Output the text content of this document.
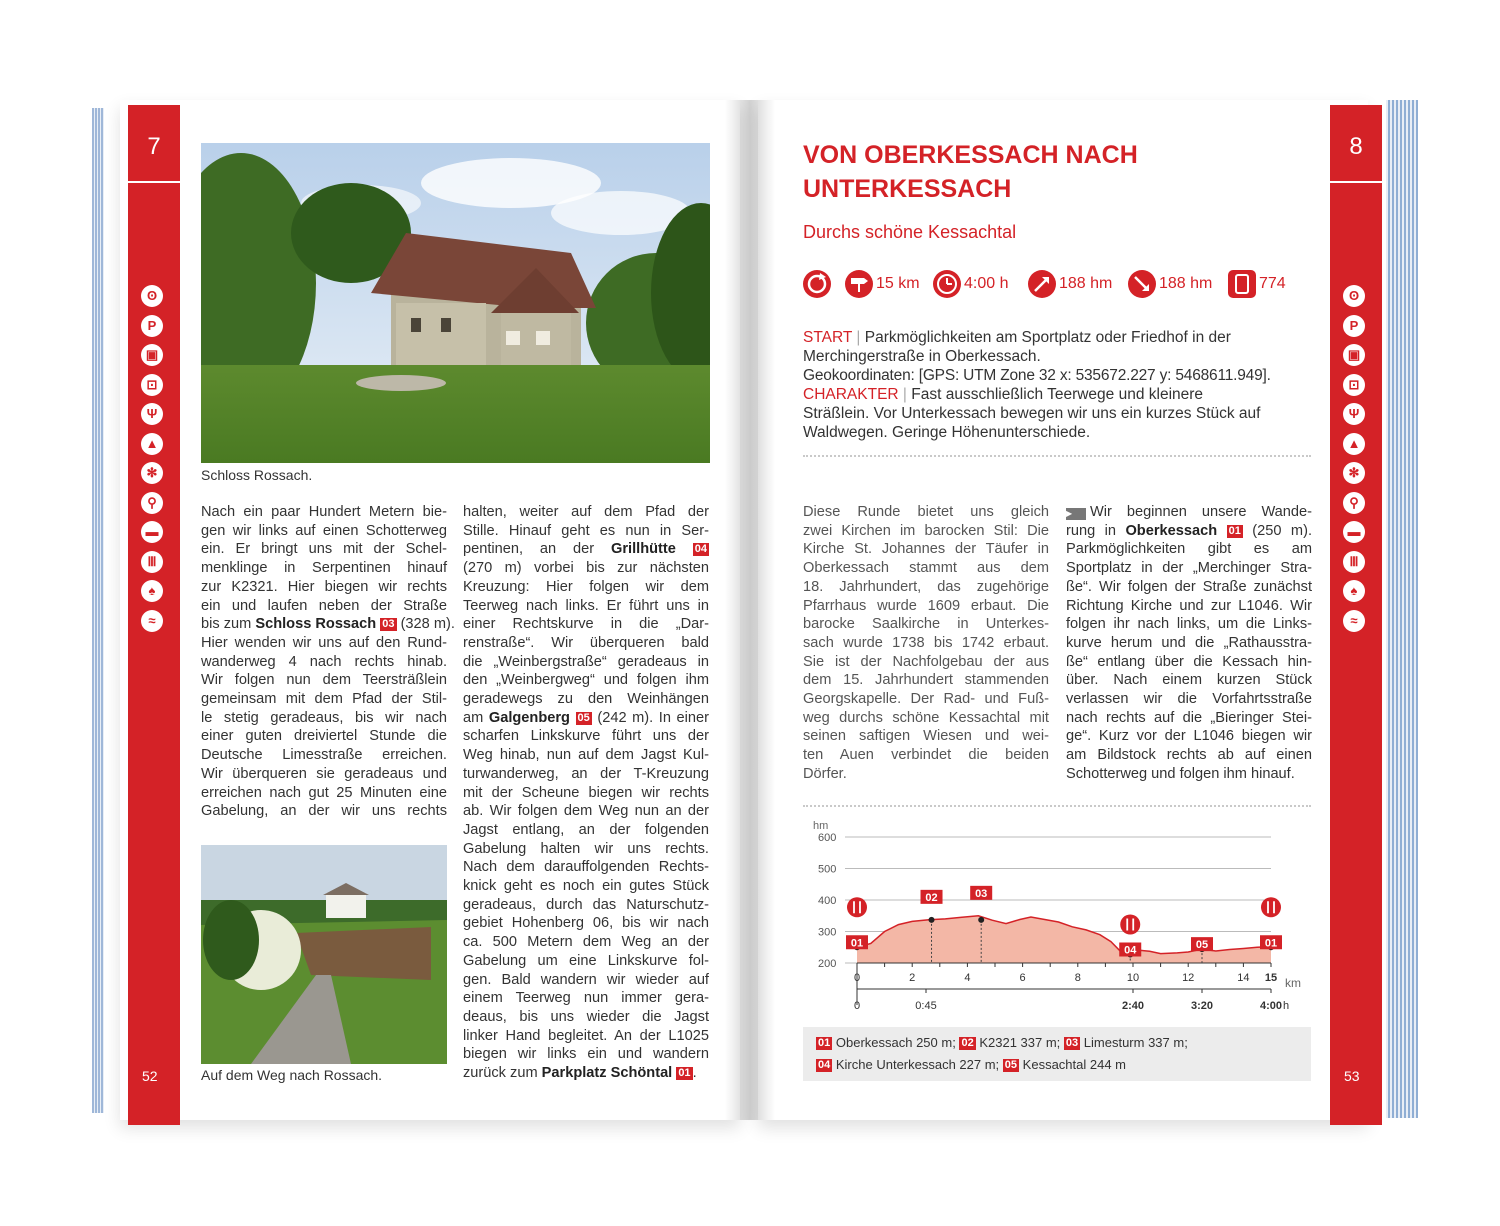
7
ʘ
P
▣
⊡
Ψ
▲
✻
⚲
▬
Ⅲ
♠
≈
52
8
ʘ
P
▣
⊡
Ψ
▲
✻
⚲
▬
Ⅲ
♠
≈
53
Schloss Rossach.
Auf dem Weg nach Rossach.
Nach ein paar Hundert Metern bie-
gen wir links auf einen Schotterweg
ein. Er bringt uns mit der Schel-
menklinge in Serpentinen hinauf
zur K2321. Hier biegen wir rechts
ein und laufen neben der Straße
bis zum Schloss Rossach 03 (328 m).
Hier wenden wir uns auf den Rund-
wanderweg 4 nach rechts hinab.
Wir folgen nun dem Teersträßlein
gemeinsam mit dem Pfad der Stil-
le stetig geradeaus, bis wir nach
einer guten dreiviertel Stunde die
Deutsche Limesstraße erreichen.
Wir überqueren sie geradeaus und
erreichen nach gut 25 Minuten eine
Gabelung, an der wir uns rechts
halten, weiter auf dem Pfad der
Stille. Hinauf geht es nun in Ser-
pentinen, an der Grillhütte 04
(270 m) vorbei bis zur nächsten
Kreuzung: Hier folgen wir dem
Teerweg nach links. Er führt uns in
einer Rechtskurve in die „Dar-
renstraße“. Wir überqueren bald
die „Weinbergstraße“ geradeaus in
den „Weinbergweg“ und folgen ihm
geradewegs zu den Weinhängen
am Galgenberg 05 (242 m). In einer
scharfen Linkskurve führt uns der
Weg hinab, nun auf dem Jagst Kul-
turwanderweg, an der T-Kreuzung
mit der Scheune biegen wir rechts
ab. Wir folgen dem Weg nun an der
Jagst entlang, an der folgenden
Gabelung halten wir uns rechts.
Nach dem darauffolgenden Rechts-
knick geht es noch ein gutes Stück
geradeaus, durch das Naturschutz-
gebiet Hohenberg 06, bis wir nach
ca. 500 Metern dem Weg an der
Gabelung um eine Linkskurve fol-
gen. Bald wandern wir wieder auf
einem Teerweg nun immer gera-
deaus, bis uns wieder die Jagst
linker Hand begleitet. An der L1025
biegen wir links ein und wandern
zurück zum Parkplatz Schöntal 01 .
VON OBERKESSACH NACH
UNTERKESSACH
Durchs schöne Kessachtal
15 km	4:00 h	188 hm	188 hm	774
START | Parkmöglichkeiten am Sportplatz oder Friedhof in der
Merchingerstraße in Oberkessach.
Geokoordinaten: [GPS: UTM Zone 32 x: 535672.227 y: 5468611.949].
CHARAKTER | Fast ausschließlich Teerwege und kleinere
Sträßlein. Vor Unterkessach bewegen wir uns ein kurzes Stück auf
Waldwegen. Geringe Höhenunterschiede.
Diese Runde bietet uns gleich
zwei Kirchen im barocken Stil: Die
Kirche St. Johannes der Täufer in
Oberkessach stammt aus dem
18. Jahrhundert, das zugehörige
Pfarrhaus wurde 1609 erbaut. Die
barocke Saalkirche in Unterkes-
sach wurde 1738 bis 1742 erbaut.
Sie ist der Nachfolgebau der aus
dem 15. Jahrhundert stammenden
Georgskapelle. Der Rad- und Fuß-
weg durchs schöne Kessachtal mit
seinen saftigen Wiesen und wei-
ten Auen verbindet die beiden
Dörfer.
▶ Wir beginnen unsere Wande-
rung in Oberkessach 01 (250 m).
Parkmöglichkeiten gibt es am
Sportplatz in der „Merchinger Stra-
ße“. Wir folgen der Straße zunächst
Richtung Kirche und zur L1046. Wir
folgen ihr nach links, um die Links-
kurve herum und die „Rathausstra-
ße“ entlang über die Kessach hin-
über. Nach einem kurzen Stück
verlassen wir die Vorfahrtsstraße
nach rechts auf die „Bieringer Stei-
ge“. Kurz vor der L1046 biegen wir
am Bildstock rechts ab auf einen
Schotterweg und folgen ihm hinauf.
hm
km
200
300
400
500
600
0	2	4	6	8	10	12	14 15
0	0:45	2:40	3:20	4:00 h
01
02	03
04	05	01
01 Oberkessach 250 m; 02 K2321 337 m; 03 Limesturm 337 m;
04 Kirche Unterkessach 227 m; 05 Kessachtal 244 m
